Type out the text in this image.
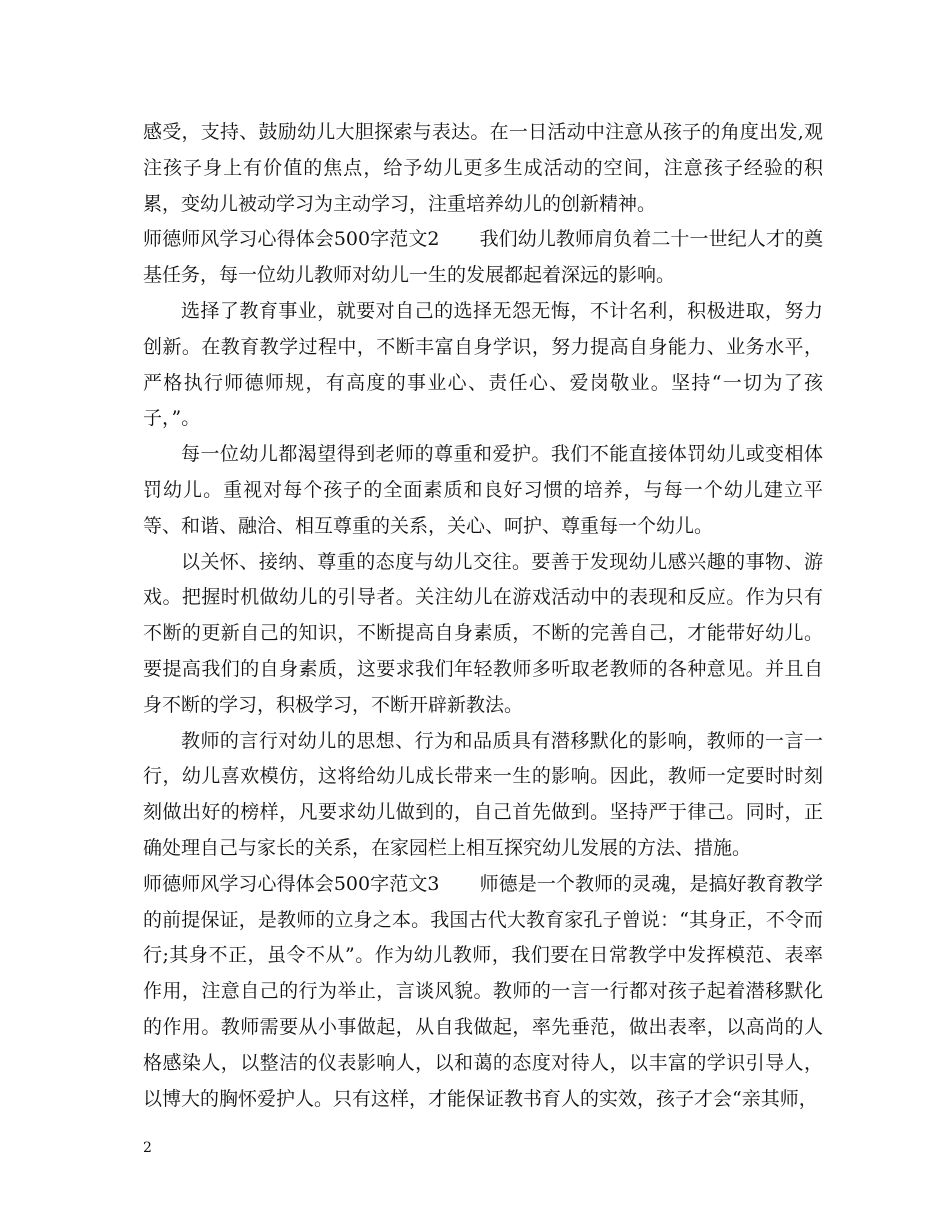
感受，支持、鼓励幼儿大胆探索与表达。在一日活动中注意从孩子的角度出发,观注孩子身上有价值的焦点，给予幼儿更多生成活动的空间，注意孩子经验的积累，变幼儿被动学习为主动学习，注重培养幼儿的创新精神。

师德师风学习心得体会500字范文2 我们幼儿教师肩负着二十一世纪人才的奠基任务，每一位幼儿教师对幼儿一生的发展都起着深远的影响。

选择了教育事业，就要对自己的选择无怨无悔，不计名利，积极进取，努力创新。在教育教学过程中，不断丰富自身学识，努力提高自身能力、业务水平，严格执行师德师规，有高度的事业心、责任心、爱岗敬业。坚持“一切为了孩子，”。

每一位幼儿都渴望得到老师的尊重和爱护。我们不能直接体罚幼儿或变相体罚幼儿。重视对每个孩子的全面素质和良好习惯的培养，与每一个幼儿建立平等、和谐、融洽、相互尊重的关系，关心、呵护、尊重每一个幼儿。

以关怀、接纳、尊重的态度与幼儿交往。要善于发现幼儿感兴趣的事物、游戏。把握时机做幼儿的引导者。关注幼儿在游戏活动中的表现和反应。作为只有不断的更新自己的知识，不断提高自身素质，不断的完善自己，才能带好幼儿。要提高我们的自身素质，这要求我们年轻教师多听取老教师的各种意见。并且自身不断的学习，积极学习，不断开辟新教法。

教师的言行对幼儿的思想、行为和品质具有潜移默化的影响，教师的一言一行，幼儿喜欢模仿，这将给幼儿成长带来一生的影响。因此，教师一定要时时刻刻做出好的榜样，凡要求幼儿做到的，自己首先做到。坚持严于律己。同时，正确处理自己与家长的关系，在家园栏上相互探究幼儿发展的方法、措施。

师德师风学习心得体会500字范文3 师德是一个教师的灵魂，是搞好教育教学的前提保证，是教师的立身之本。我国古代大教育家孔子曾说：“其身正，不令而行;其身不正，虽令不从”。作为幼儿教师，我们要在日常教学中发挥模范、表率作用，注意自己的行为举止，言谈风貌。教师的一言一行都对孩子起着潜移默化的作用。教师需要从小事做起，从自我做起，率先垂范，做出表率，以高尚的人格感染人，以整洁的仪表影响人，以和蔼的态度对待人，以丰富的学识引导人，以博大的胸怀爱护人。只有这样，才能保证教书育人的实效，孩子才会“亲其师，

2
